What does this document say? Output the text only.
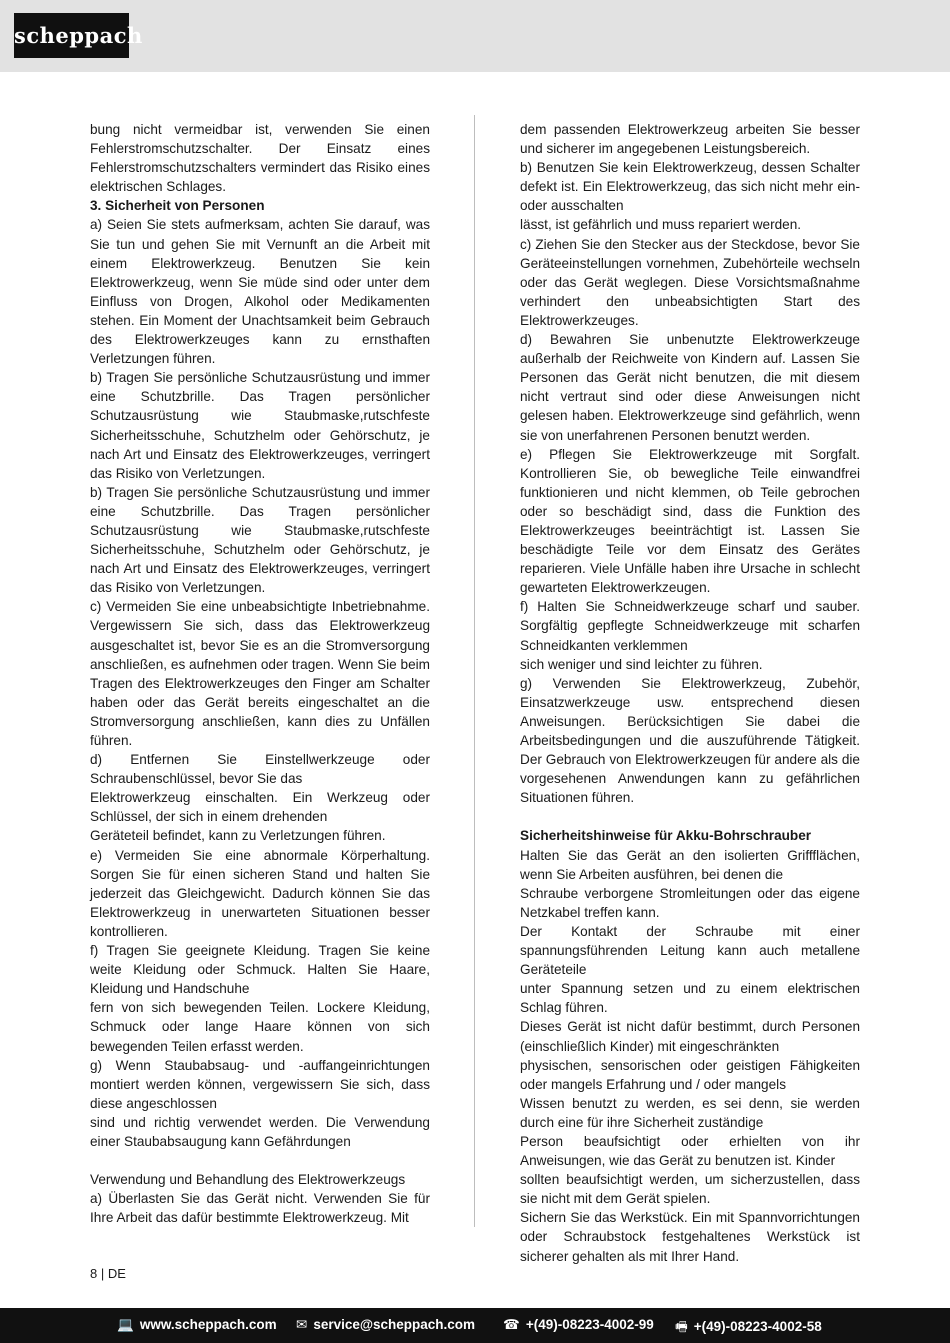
scheppach

bung nicht vermeidbar ist, verwenden Sie einen Fehlerstromschutzschalter. Der Einsatz eines Fehlerstromschutzschalters vermindert das Risiko eines elektrischen Schlages.

3. Sicherheit von Personen

a) Seien Sie stets aufmerksam, achten Sie darauf, was Sie tun und gehen Sie mit Vernunft an die Arbeit mit einem Elektrowerkzeug. Benutzen Sie kein Elektrowerkzeug, wenn Sie müde sind oder unter dem Einfluss von Drogen, Alkohol oder Medikamenten stehen. Ein Moment der Unachtsamkeit beim Gebrauch des Elektrowerkzeuges kann zu ernsthaften Verletzungen führen.

b) Tragen Sie persönliche Schutzausrüstung und immer eine Schutzbrille. Das Tragen persönlicher Schutzausrüstung wie Staubmaske,rutschfeste Sicherheitsschuhe, Schutzhelm oder Gehörschutz, je nach Art und Einsatz des Elektrowerkzeuges, verringert das Risiko von Verletzungen.

b) Tragen Sie persönliche Schutzausrüstung und immer eine Schutzbrille. Das Tragen persönlicher Schutzausrüstung wie Staubmaske,rutschfeste Sicherheitsschuhe, Schutzhelm oder Gehörschutz, je nach Art und Einsatz des Elektrowerkzeuges, verringert das Risiko von Verletzungen.

c) Vermeiden Sie eine unbeabsichtigte Inbetriebnahme. Vergewissern Sie sich, dass das Elektrowerkzeug ausgeschaltet ist, bevor Sie es an die Stromversorgung anschließen, es aufnehmen oder tragen. Wenn Sie beim Tragen des Elektrowerkzeuges den Finger am Schalter haben oder das Gerät bereits eingeschaltet an die Stromversorgung anschließen, kann dies zu Unfällen führen.

d) Entfernen Sie Einstellwerkzeuge oder Schraubenschlüssel, bevor Sie das

Elektrowerkzeug einschalten. Ein Werkzeug oder Schlüssel, der sich in einem drehenden

Geräteteil befindet, kann zu Verletzungen führen.

e) Vermeiden Sie eine abnormale Körperhaltung. Sorgen Sie für einen sicheren Stand und halten Sie jederzeit das Gleichgewicht. Dadurch können Sie das Elektrowerkzeug in unerwarteten Situationen besser kontrollieren.

f) Tragen Sie geeignete Kleidung. Tragen Sie keine weite Kleidung oder Schmuck. Halten Sie Haare, Kleidung und Handschuhe

fern von sich bewegenden Teilen. Lockere Kleidung, Schmuck oder lange Haare können von sich bewegenden Teilen erfasst werden.

g) Wenn Staubabsaug- und -auffangeinrichtungen montiert werden können, vergewissern Sie sich, dass diese angeschlossen

sind und richtig verwendet werden. Die Verwendung einer Staubabsaugung kann Gefährdungen

Verwendung und Behandlung des Elektrowerkzeugs

a) Überlasten Sie das Gerät nicht. Verwenden Sie für Ihre Arbeit das dafür bestimmte Elektrowerkzeug. Mit

dem passenden Elektrowerkzeug arbeiten Sie besser und sicherer im angegebenen Leistungsbereich.

b) Benutzen Sie kein Elektrowerkzeug, dessen Schalter defekt ist. Ein Elektrowerkzeug, das sich nicht mehr ein- oder ausschalten

lässt, ist gefährlich und muss repariert werden.

c) Ziehen Sie den Stecker aus der Steckdose, bevor Sie Geräteeinstellungen vornehmen, Zubehörteile wechseln oder das Gerät weglegen. Diese Vorsichtsmaßnahme verhindert den unbeabsichtigten Start des Elektrowerkzeuges.

d) Bewahren Sie unbenutzte Elektrowerkzeuge außerhalb der Reichweite von Kindern auf. Lassen Sie Personen das Gerät nicht benutzen, die mit diesem nicht vertraut sind oder diese Anweisungen nicht gelesen haben. Elektrowerkzeuge sind gefährlich, wenn sie von unerfahrenen Personen benutzt werden.

e) Pflegen Sie Elektrowerkzeuge mit Sorgfalt. Kontrollieren Sie, ob bewegliche Teile einwandfrei funktionieren und nicht klemmen, ob Teile gebrochen oder so beschädigt sind, dass die Funktion des Elektrowerkzeuges beeinträchtigt ist. Lassen Sie beschädigte Teile vor dem Einsatz des Gerätes reparieren. Viele Unfälle haben ihre Ursache in schlecht gewarteten Elektrowerkzeugen.

f) Halten Sie Schneidwerkzeuge scharf und sauber. Sorgfältig gepflegte Schneidwerkzeuge mit scharfen Schneidkanten verklemmen

sich weniger und sind leichter zu führen.

g) Verwenden Sie Elektrowerkzeug, Zubehör, Einsatzwerkzeuge usw. entsprechend diesen Anweisungen. Berücksichtigen Sie dabei die Arbeitsbedingungen und die auszuführende Tätigkeit. Der Gebrauch von Elektrowerkzeugen für andere als die vorgesehenen Anwendungen kann zu gefährlichen Situationen führen.

Sicherheitshinweise für Akku-Bohrschrauber

Halten Sie das Gerät an den isolierten Griffflächen, wenn Sie Arbeiten ausführen, bei denen die

Schraube verborgene Stromleitungen oder das eigene Netzkabel treffen kann.

Der Kontakt der Schraube mit einer spannungsführenden Leitung kann auch metallene Geräteteile

unter Spannung setzen und zu einem elektrischen Schlag führen.

Dieses Gerät ist nicht dafür bestimmt, durch Personen (einschließlich Kinder) mit eingeschränkten

physischen, sensorischen oder geistigen Fähigkeiten oder mangels Erfahrung und / oder mangels

Wissen benutzt zu werden, es sei denn, sie werden durch eine für ihre Sicherheit zuständige

Person beaufsichtigt oder erhielten von ihr Anweisungen, wie das Gerät zu benutzen ist. Kinder

sollten beaufsichtigt werden, um sicherzustellen, dass sie nicht mit dem Gerät spielen.

Sichern Sie das Werkstück. Ein mit Spannvorrichtungen oder Schraubstock festgehaltenes Werkstück ist sicherer gehalten als mit Ihrer Hand.

8 | DE
💻 www.scheppach.com ✉ service@scheppach.com ☎ +(49)-08223-4002-99 🖷 +(49)-08223-4002-58
